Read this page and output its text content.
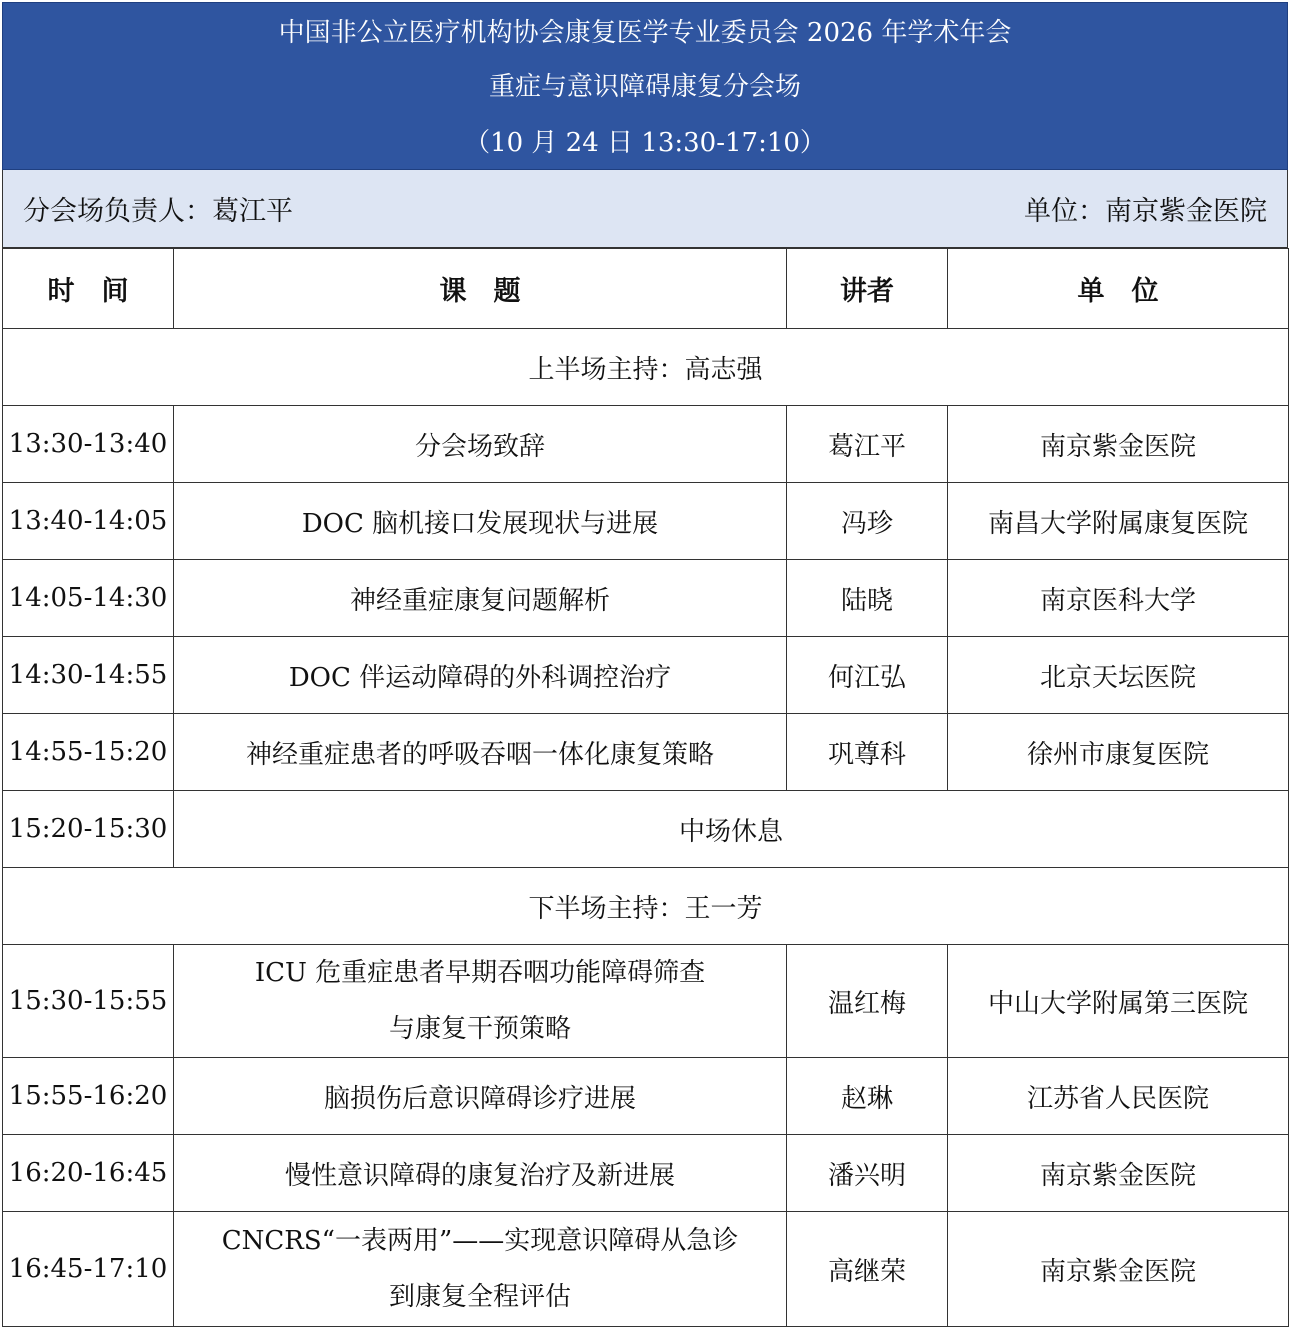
中国非公立医疗机构协会康复医学专业委员会 2026 年学术年会
重症与意识障碍康复分会场
（10 月 24 日 13:30-17:10）
分会场负责人：葛江平	单位：南京紫金医院
时　间	课　题	讲者	单　位
上半场主持：高志强			
13:30-13:40	分会场致辞	葛江平	南京紫金医院
13:40-14:05	DOC 脑机接口发展现状与进展	冯珍	南昌大学附属康复医院
14:05-14:30	神经重症康复问题解析	陆晓	南京医科大学
14:30-14:55	DOC 伴运动障碍的外科调控治疗	何江弘	北京天坛医院
14:55-15:20	神经重症患者的呼吸吞咽一体化康复策略	巩尊科	徐州市康复医院
15:20-15:30	中场休息		
下半场主持：王一芳			
15:30-15:55	ICU 危重症患者早期吞咽功能障碍筛查
与康复干预策略	温红梅	中山大学附属第三医院
15:55-16:20	脑损伤后意识障碍诊疗进展	赵琳	江苏省人民医院
16:20-16:45	慢性意识障碍的康复治疗及新进展	潘兴明	南京紫金医院
16:45-17:10	CNCRS“一表两用”——实现意识障碍从急诊
到康复全程评估	高继荣	南京紫金医院
